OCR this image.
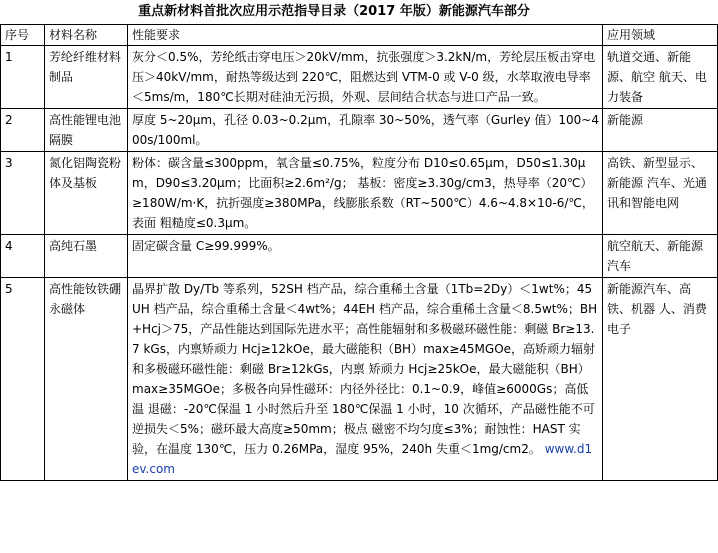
重点新材料首批次应用示范指导目录（2017 年版）新能源汽车部分
序号	材料名称	性能要求	应用领域
1	芳纶纤维材料制品	灰分＜0.5%，芳纶纸击穿电压＞20kV/mm，抗张强度＞3.2kN/m，芳纶层压板击穿电压＞40kV/mm，耐热等级达到 220℃，阻燃达到 VTM-0 或 V-0 级，水萃取液电导率＜5ms/m，180℃长期对硅油无污损，外观、层间结合状态与进口产品一致。	轨道交通、新能源、航空 航天、电力装备
2	高性能锂电池隔膜	厚度 5~20μm，孔径 0.03~0.2μm，孔隙率 30~50%，透气率（Gurley 值）100~400s/100ml。	新能源
3	氮化铝陶瓷粉体及基板	粉体：碳含量≤300ppm，氧含量≤0.75%，粒度分布 D10≤0.65μm，D50≤1.30μm，D90≤3.20μm；比面积≥2.6m²/g； 基板：密度≥3.30g/cm3，热导率（20℃）≥180W/m·K，抗折强度≥380MPa，线膨胀系数（RT~500℃）4.6~4.8×10-6/℃，表面 粗糙度≤0.3μm。	高铁、新型显示、新能源 汽车、光通讯和智能电网
4	高纯石墨	固定碳含量 C≥99.999%。	航空航天、新能源汽车
5	高性能钕铁硼永磁体	晶界扩散 Dy/Tb 等系列，52SH 档产品，综合重稀土含量（1Tb=2Dy）＜1wt%；45UH 档产品，综合重稀土含量＜4wt%；44EH 档产品，综合重稀土含量＜8.5wt%；BH+Hcj＞75，产品性能达到国际先进水平；高性能辐射和多极磁环磁性能：剩磁 Br≥13.7 kGs，内禀矫顽力 Hcj≥12kOe，最大磁能积（BH）max≥45MGOe，高矫顽力辐射和多极磁环磁性能：剩磁 Br≥12kGs，内禀 矫顽力 Hcj≥25kOe，最大磁能积（BH）max≥35MGOe；多极各向异性磁环：内径外径比：0.1~0.9，峰值≥6000Gs；高低温 退磁：-20℃保温 1 小时然后升至 180℃保温 1 小时，10 次循环，产品磁性能不可逆损失＜5%；磁环最大高度≥50mm；极点 磁密不均匀度≤3%；耐蚀性：HAST 实验，在温度 130℃，压力 0.26MPa，湿度 95%，240h 失重＜1mg/cm2。 www.d1ev.com	新能源汽车、高铁、机器 人、消费电子
